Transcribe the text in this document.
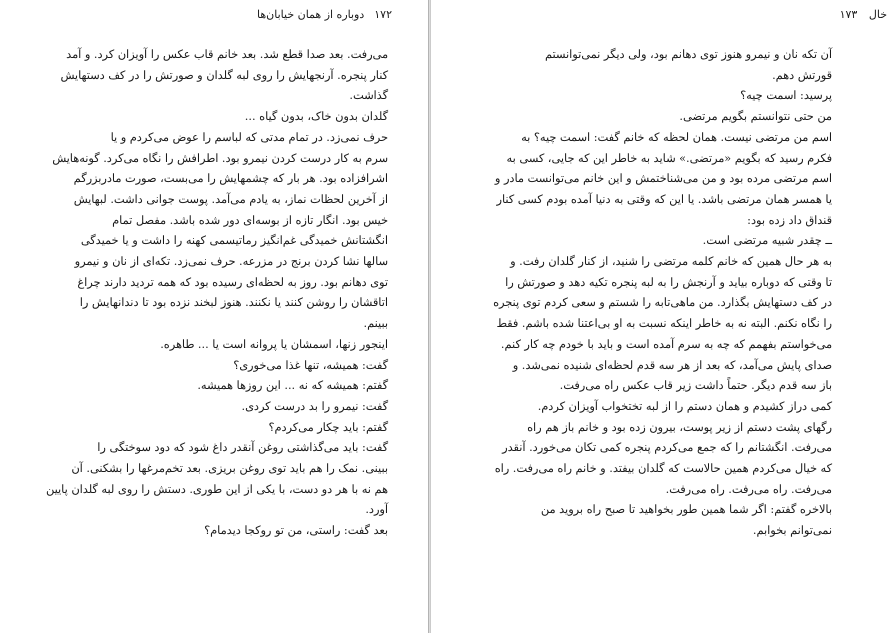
۱۷۲دوباره از همان خیابان‌ها
می‌رفت. بعد صدا قطع شد. بعد خانم قاب عکس را آویزان کرد. و آمد
کنار پنجره. آرنجهایش را روی لبه گلدان و صورتش را در کف دستهایش
گذاشت.
گلدان بدون خاک، بدون گیاه ...
حرف نمی‌زد. در تمام مدتی که لباسم را عوض می‌کردم و یا
سرم به کار درست کردن نیمرو بود. اطرافش را نگاه می‌کرد. گونه‌هایش
اشرافزاده بود. هر بار که چشمهایش را می‌بست، صورت مادربزرگم
از آخرین لحظات نماز، به یادم می‌آمد. پوست جوانی داشت. لبهایش
خیس بود. انگار تازه از بوسه‌ای دور شده باشد. مفصل تمام
انگشتانش خمیدگی غم‌انگیز رماتیسمی کهنه را داشت و یا خمیدگی
سالها نشا کردن برنج در مزرعه. حرف نمی‌زد. تکه‌ای از نان و نیمرو
توی دهانم بود. روز به لحظه‌ای رسیده بود که همه تردید دارند چراغ
اتاقشان را روشن کنند یا نکنند. هنوز لبخند نزده بود تا دندانهایش را
ببینم.
اینجور زنها، اسمشان یا پروانه است یا ... طاهره.
گفت: همیشه، تنها غذا می‌خوری؟
گفتم: همیشه که نه ... این روزها همیشه.
گفت: نیمرو را بد درست کردی.
گفتم: باید چکار می‌کردم؟
گفت: باید می‌گذاشتی روغن آنقدر داغ شود که دود سوختگی را
ببینی. نمک را هم باید توی روغن بریزی. بعد تخم‌مرغها را بشکنی. آن
هم نه با هر دو دست، با یکی از این طوری. دستش را روی لبه گلدان پایین
آورد.
بعد گفت: راستی، من تو روکجا دیدمام؟
خال ۱۷۳
آن تکه نان و نیمرو هنوز توی دهانم بود، ولی دیگر نمی‌توانستم
قورتش دهم.
پرسید: اسمت چیه؟
من حتی نتوانستم بگویم مرتضی.
اسم من مرتضی نیست. همان لحظه که خانم گفت: اسمت چیه؟ به
فکرم رسید که بگویم «مرتضی.» شاید به خاطر این که جایی، کسی به
اسم مرتضی مرده بود و من می‌شناختمش و این خانم می‌توانست مادر و
یا همسر همان مرتضی باشد. یا این که وقتی به دنیا آمده بودم کسی کنار
قنداق داد زده بود:
ــ چقدر شبیه مرتضی است.
به هر حال همین که خانم کلمه مرتضی را شنید، از کنار گلدان رفت. و
تا وقتی که دوباره بیاید و آرنجش را به لبه پنجره تکیه دهد و صورتش را
در کف دستهایش بگذارد. من ماهی‌تابه را شستم و سعی کردم توی پنجره
را نگاه نکنم. البته نه به خاطر اینکه نسبت به او بی‌اعتنا شده باشم. فقط
می‌خواستم بفهمم که چه به سرم آمده است و باید با خودم چه کار کنم.
صدای پایش می‌آمد، که بعد از هر سه قدم لحظه‌ای شنیده نمی‌شد. و
باز سه قدم دیگر. حتماً داشت زیر قاب عکس راه می‌رفت.
کمی دراز کشیدم و همان دستم را از لبه تختخواب آویزان کردم.
رگهای پشت دستم از زیر پوست، بیرون زده بود و خانم باز هم راه
می‌رفت. انگشتانم را که جمع می‌کردم پنجره کمی تکان می‌خورد. آنقدر
که خیال می‌کردم همین حالاست که گلدان بیفتد. و خانم راه می‌رفت. راه
می‌رفت. راه می‌رفت. راه می‌رفت.
بالاخره گفتم: اگر شما همین طور بخواهید تا صبح راه بروید من
نمی‌توانم بخوابم.
